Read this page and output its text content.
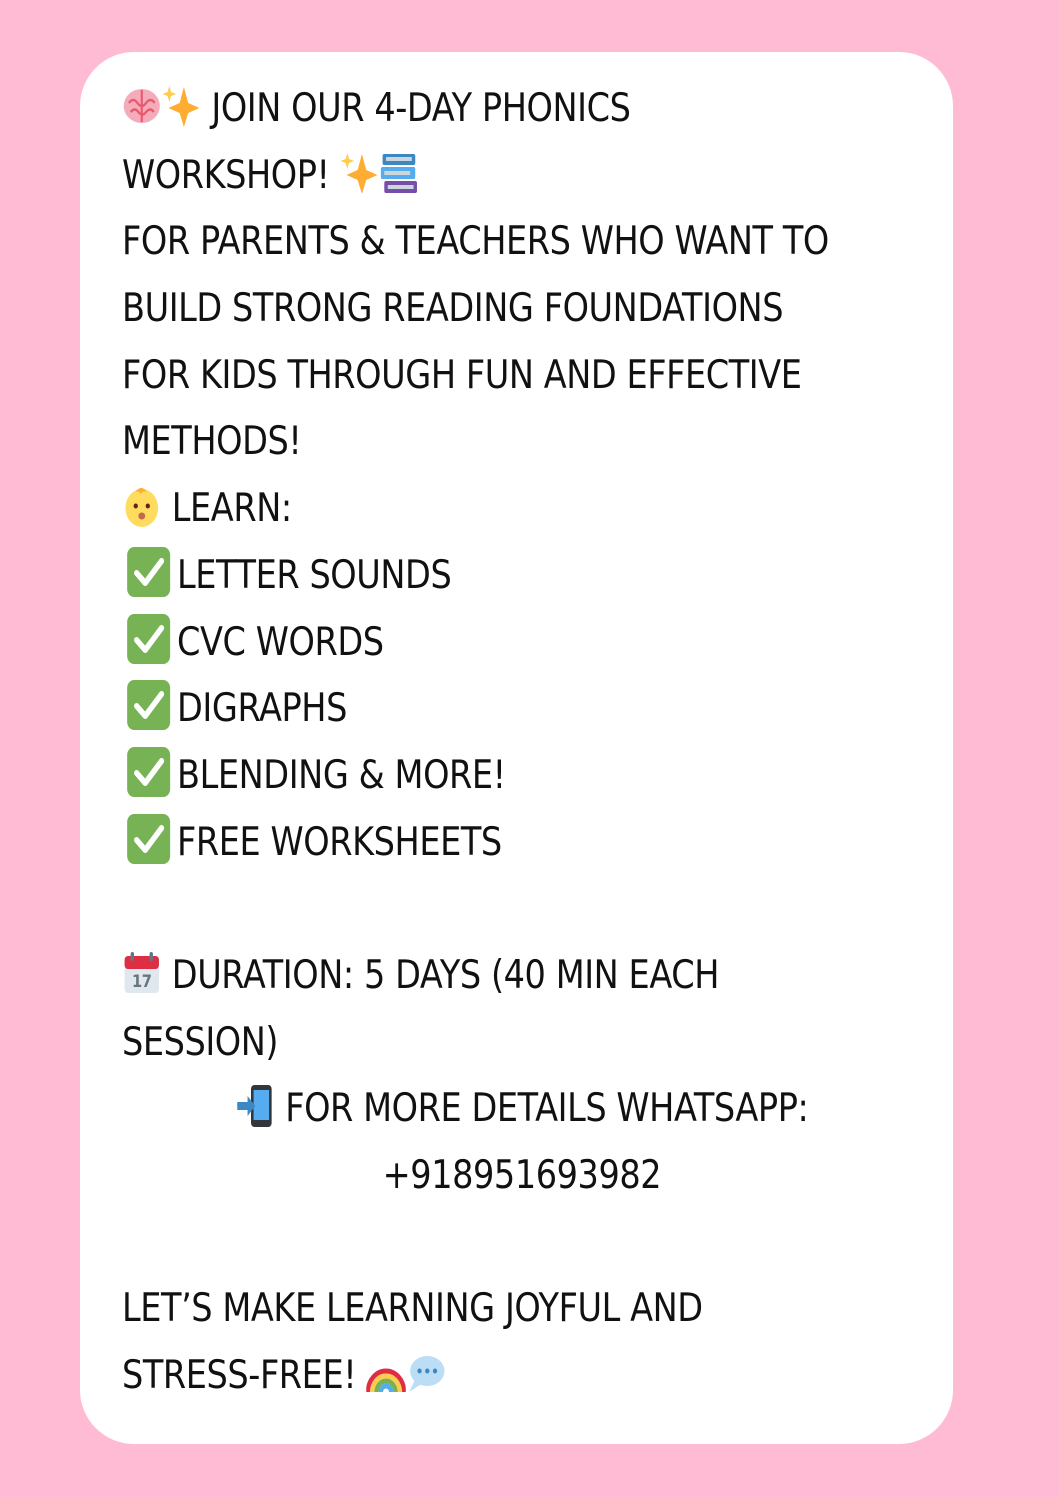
JOIN OUR 4-DAY PHONICS
WORKSHOP!
FOR PARENTS & TEACHERS WHO WANT TO
BUILD STRONG READING FOUNDATIONS
FOR KIDS THROUGH FUN AND EFFECTIVE
METHODS!
LEARN:
LETTER SOUNDS
CVC WORDS
DIGRAPHS
BLENDING & MORE!
FREE WORKSHEETS
17 DURATION: 5 DAYS (40 MIN EACH
SESSION)
FOR MORE DETAILS WHATSAPP:
+918951693982
LET’S MAKE LEARNING JOYFUL AND
STRESS-FREE!
